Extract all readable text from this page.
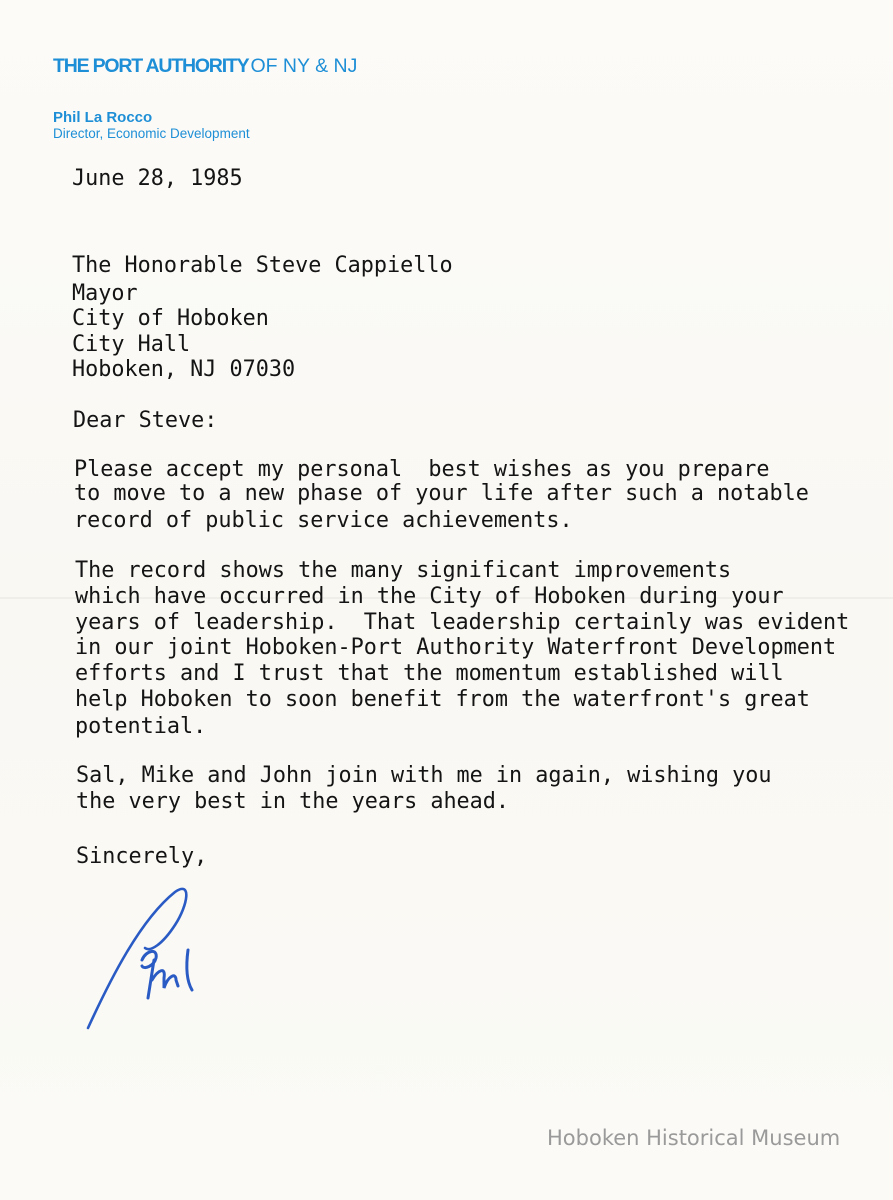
THE PORT AUTHORITY OF NY & NJ
Phil La Rocco
Director, Economic Development
June 28, 1985
The Honorable Steve Cappiello
Mayor
City of Hoboken
City Hall
Hoboken, NJ 07030
Dear Steve:
Please accept my personal  best wishes as you prepare
to move to a new phase of your life after such a notable
record of public service achievements.
The record shows the many significant improvements
which have occurred in the City of Hoboken during your
years of leadership.  That leadership certainly was evident
in our joint Hoboken-Port Authority Waterfront Development
efforts and I trust that the momentum established will
help Hoboken to soon benefit from the waterfront's great
potential.
Sal, Mike and John join with me in again, wishing you
the very best in the years ahead.
Sincerely,
Hoboken Historical Museum
